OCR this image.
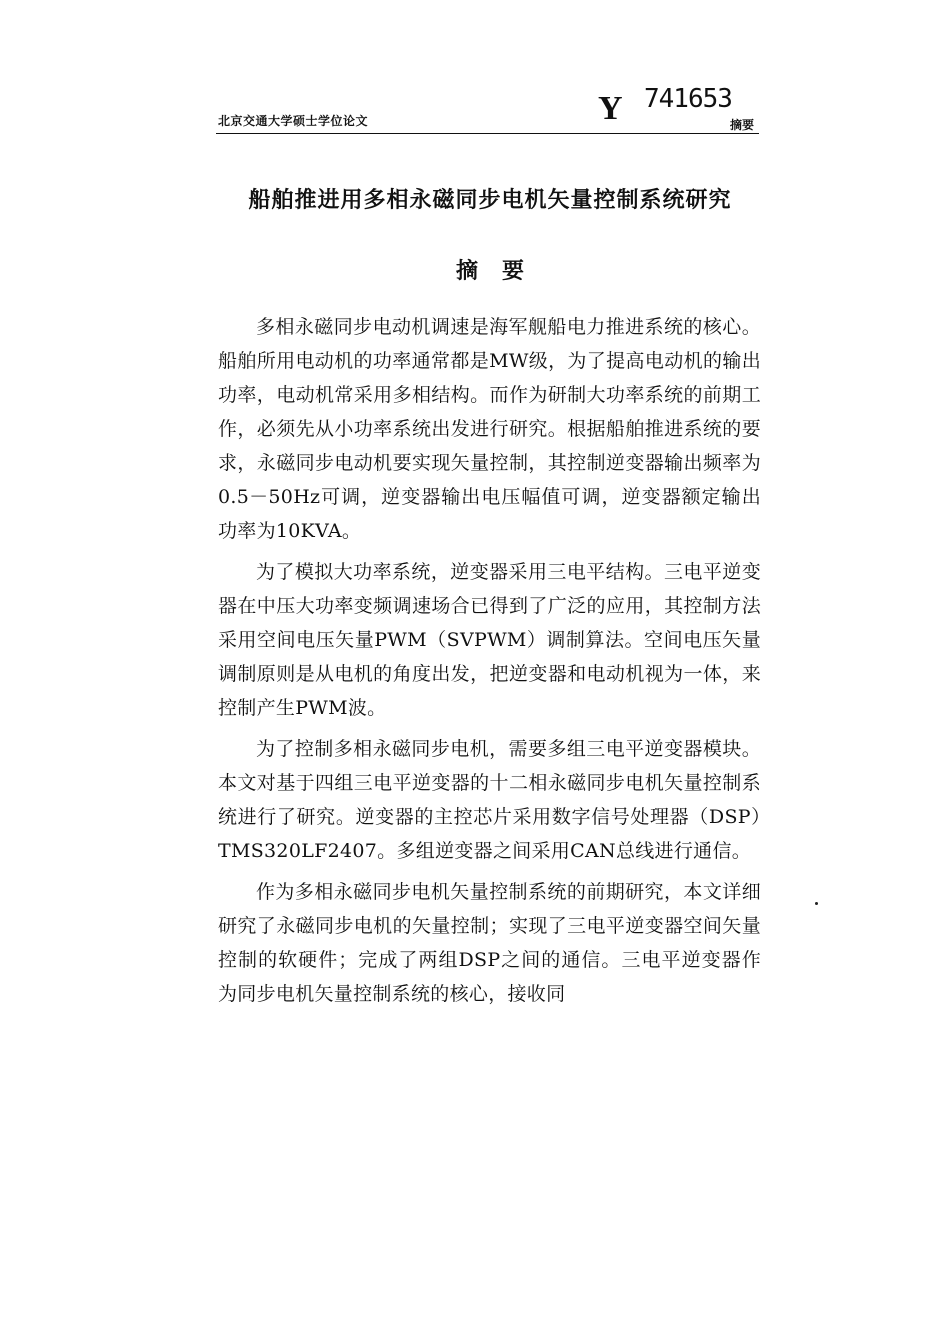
北京交通大学硕士学位论文	Y 741653
摘要
船舶推进用多相永磁同步电机矢量控制系统研究
摘要

多相永磁同步电动机调速是海军舰船电力推进系统的核心。船舶所用电动机的功率通常都是MW级，为了提高电动机的输出功率，电动机常采用多相结构。而作为研制大功率系统的前期工作，必须先从小功率系统出发进行研究。根据船舶推进系统的要求，永磁同步电动机要实现矢量控制，其控制逆变器输出频率为0.5－50Hz可调，逆变器输出电压幅值可调，逆变器额定输出功率为10KVA。

为了模拟大功率系统，逆变器采用三电平结构。三电平逆变器在中压大功率变频调速场合已得到了广泛的应用，其控制方法采用空间电压矢量PWM（SVPWM）调制算法。空间电压矢量调制原则是从电机的角度出发，把逆变器和电动机视为一体，来控制产生PWM波。

为了控制多相永磁同步电机，需要多组三电平逆变器模块。本文对基于四组三电平逆变器的十二相永磁同步电机矢量控制系统进行了研究。逆变器的主控芯片采用数字信号处理器（DSP）TMS320LF2407。多组逆变器之间采用CAN总线进行通信。

作为多相永磁同步电机矢量控制系统的前期研究，本文详细研究了永磁同步电机的矢量控制；实现了三电平逆变器空间矢量控制的软硬件；完成了两组DSP之间的通信。三电平逆变器作为同步电机矢量控制系统的核心，接收同
